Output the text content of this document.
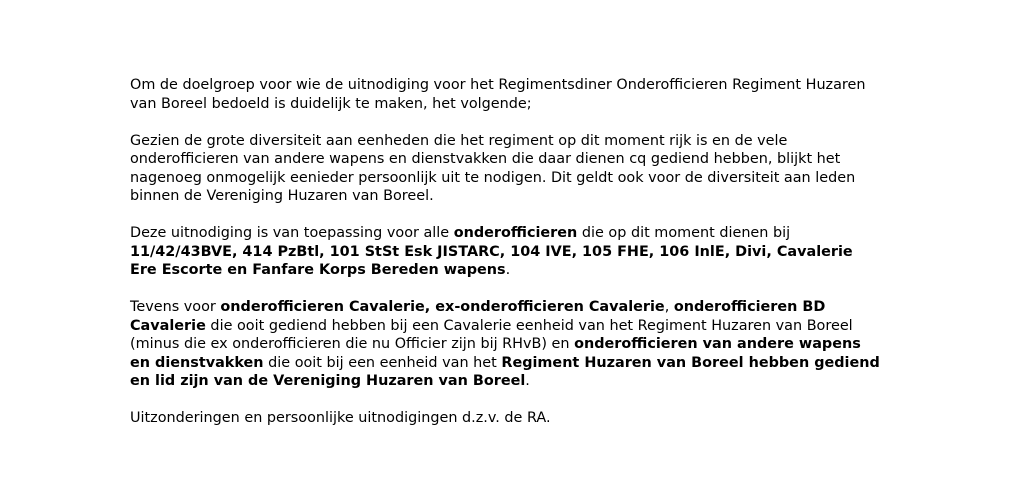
Om de doelgroep voor wie de uitnodiging voor het Regimentsdiner Onderofficieren Regiment Huzaren
van Boreel bedoeld is duidelijk te maken, het volgende;

Gezien de grote diversiteit aan eenheden die het regiment op dit moment rijk is en de vele
onderofficieren van andere wapens en dienstvakken die daar dienen cq gediend hebben, blijkt het
nagenoeg onmogelijk eenieder persoonlijk uit te nodigen. Dit geldt ook voor de diversiteit aan leden
binnen de Vereniging Huzaren van Boreel.

Deze uitnodiging is van toepassing voor alle onderofficieren die op dit moment dienen bij
11/42/43BVE, 414 PzBtl, 101 StSt Esk JISTARC, 104 IVE, 105 FHE, 106 InlE, Divi, Cavalerie
Ere Escorte en Fanfare Korps Bereden wapens.

Tevens voor onderofficieren Cavalerie, ex-onderofficieren Cavalerie, onderofficieren BD
Cavalerie die ooit gediend hebben bij een Cavalerie eenheid van het Regiment Huzaren van Boreel
(minus die ex onderofficieren die nu Officier zijn bij RHvB) en onderofficieren van andere wapens
en dienstvakken die ooit bij een eenheid van het Regiment Huzaren van Boreel hebben gediend
en lid zijn van de Vereniging Huzaren van Boreel.

Uitzonderingen en persoonlijke uitnodigingen d.z.v. de RA.
